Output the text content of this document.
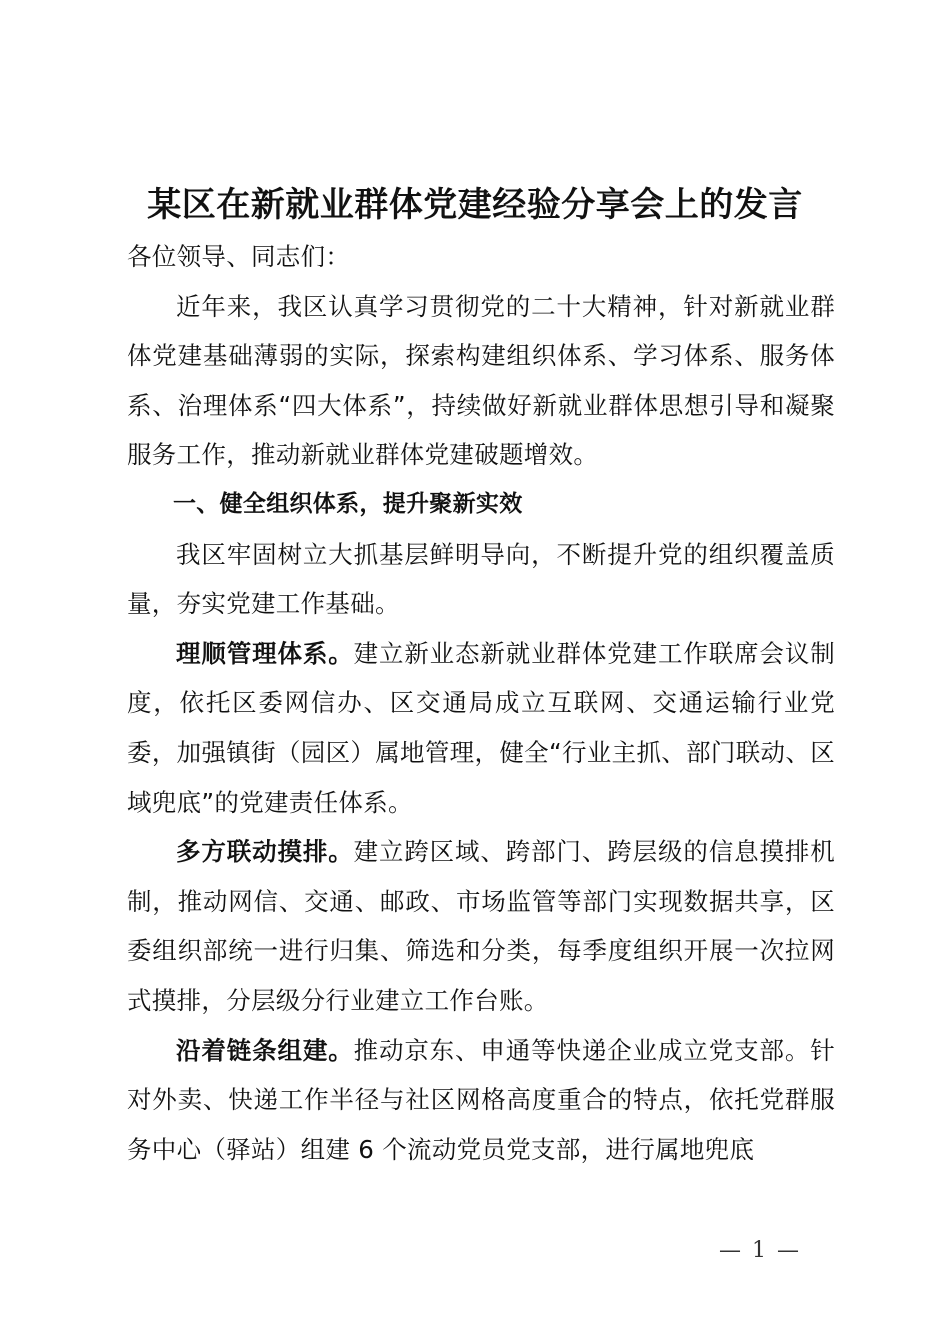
某区在新就业群体党建经验分享会上的发言

各位领导、同志们：

近年来，我区认真学习贯彻党的二十大精神，针对新就业群体党建基础薄弱的实际，探索构建组织体系、学习体系、服务体系、治理体系“四大体系”，持续做好新就业群体思想引导和凝聚服务工作，推动新就业群体党建破题增效。

一、健全组织体系，提升聚新实效

我区牢固树立大抓基层鲜明导向，不断提升党的组织覆盖质量，夯实党建工作基础。

理顺管理体系。建立新业态新就业群体党建工作联席会议制度，依托区委网信办、区交通局成立互联网、交通运输行业党委，加强镇街（园区）属地管理，健全“行业主抓、部门联动、区域兜底”的党建责任体系。

多方联动摸排。建立跨区域、跨部门、跨层级的信息摸排机制，推动网信、交通、邮政、市场监管等部门实现数据共享，区委组织部统一进行归集、筛选和分类，每季度组织开展一次拉网式摸排，分层级分行业建立工作台账。

沿着链条组建。推动京东、申通等快递企业成立党支部。针对外卖、快递工作半径与社区网格高度重合的特点，依托党群服务中心（驿站）组建 6 个流动党员党支部，进行属地兜底

— 1 —
